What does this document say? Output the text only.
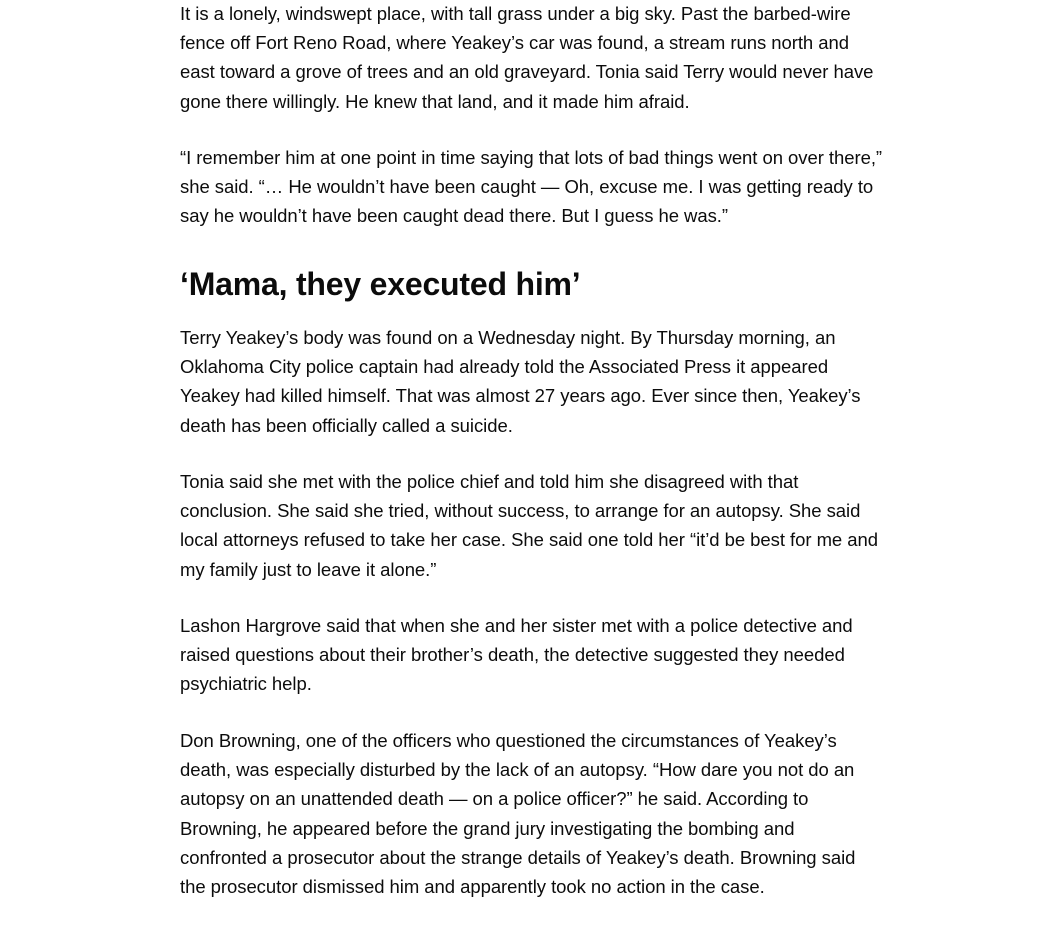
It is a lonely, windswept place, with tall grass under a big sky. Past the barbed-wire fence off Fort Reno Road, where Yeakey’s car was found, a stream runs north and east toward a grove of trees and an old graveyard. Tonia said Terry would never have gone there willingly. He knew that land, and it made him afraid.

“I remember him at one point in time saying that lots of bad things went on over there,” she said. “… He wouldn’t have been caught — Oh, excuse me. I was getting ready to say he wouldn’t have been caught dead there. But I guess he was.”

‘Mama, they executed him’

Terry Yeakey’s body was found on a Wednesday night. By Thursday morning, an Oklahoma City police captain had already told the Associated Press it appeared Yeakey had killed himself. That was almost 27 years ago. Ever since then, Yeakey’s death has been officially called a suicide.

Tonia said she met with the police chief and told him she disagreed with that conclusion. She said she tried, without success, to arrange for an autopsy. She said local attorneys refused to take her case. She said one told her “it’d be best for me and my family just to leave it alone.”

Lashon Hargrove said that when she and her sister met with a police detective and raised questions about their brother’s death, the detective suggested they needed psychiatric help.

Don Browning, one of the officers who questioned the circumstances of Yeakey’s death, was especially disturbed by the lack of an autopsy. “How dare you not do an autopsy on an unattended death — on a police officer?” he said. According to Browning, he appeared before the grand jury investigating the bombing and confronted a prosecutor about the strange details of Yeakey’s death. Browning said the prosecutor dismissed him and apparently took no action in the case.
